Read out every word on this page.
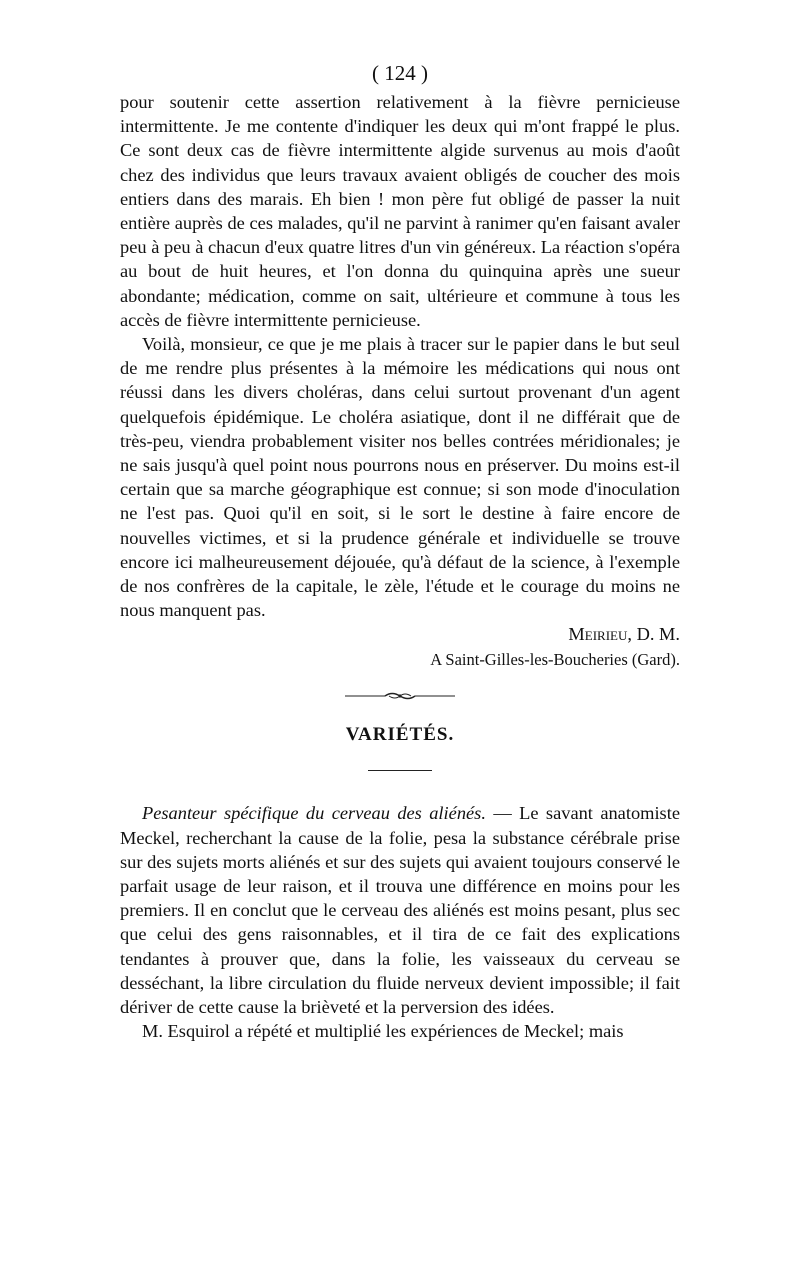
( 124 )

pour soutenir cette assertion relativement à la fièvre pernicieuse intermittente. Je me contente d'indiquer les deux qui m'ont frappé le plus. Ce sont deux cas de fièvre intermittente algide survenus au mois d'août chez des individus que leurs travaux avaient obligés de coucher des mois entiers dans des marais. Eh bien ! mon père fut obligé de passer la nuit entière auprès de ces malades, qu'il ne parvint à ranimer qu'en faisant avaler peu à peu à chacun d'eux quatre litres d'un vin généreux. La réaction s'opéra au bout de huit heures, et l'on donna du quinquina après une sueur abondante; médication, comme on sait, ultérieure et commune à tous les accès de fièvre intermittente pernicieuse.

Voilà, monsieur, ce que je me plais à tracer sur le papier dans le but seul de me rendre plus présentes à la mémoire les médications qui nous ont réussi dans les divers choléras, dans celui surtout provenant d'un agent quelquefois épidémique. Le choléra asiatique, dont il ne différait que de très-peu, viendra probablement visiter nos belles contrées méridionales; je ne sais jusqu'à quel point nous pourrons nous en préserver. Du moins est-il certain que sa marche géographique est connue; si son mode d'inoculation ne l'est pas. Quoi qu'il en soit, si le sort le destine à faire encore de nouvelles victimes, et si la prudence générale et individuelle se trouve encore ici malheureusement déjouée, qu'à défaut de la science, à l'exemple de nos confrères de la capitale, le zèle, l'étude et le courage du moins ne nous manquent pas.

Meirieu, D. M.

A Saint-Gilles-les-Boucheries (Gard).

VARIÉTÉS.

Pesanteur spécifique du cerveau des aliénés. — Le savant anatomiste Meckel, recherchant la cause de la folie, pesa la substance cérébrale prise sur des sujets morts aliénés et sur des sujets qui avaient toujours conservé le parfait usage de leur raison, et il trouva une différence en moins pour les premiers. Il en conclut que le cerveau des aliénés est moins pesant, plus sec que celui des gens raisonnables, et il tira de ce fait des explications tendantes à prouver que, dans la folie, les vaisseaux du cerveau se desséchant, la libre circulation du fluide nerveux devient impossible; il fait dériver de cette cause la brièveté et la perversion des idées.

M. Esquirol a répété et multiplié les expériences de Meckel; mais
